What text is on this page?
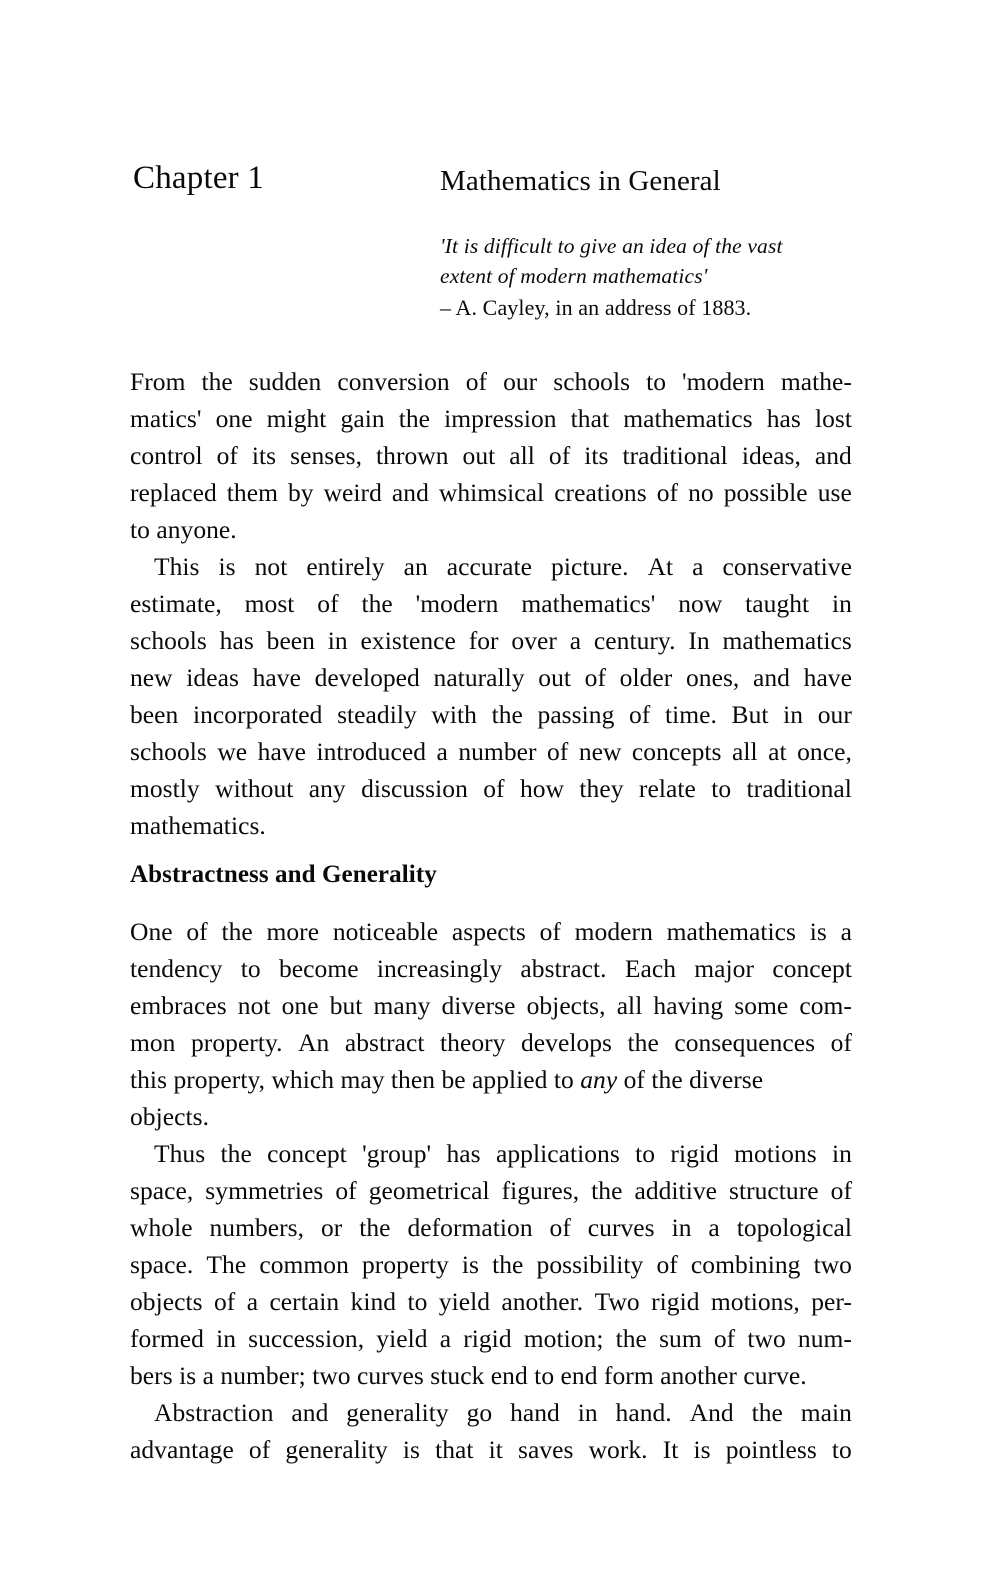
Chapter 1	Mathematics in General
'It is difficult to give an idea of the vast
extent of modern mathematics'
– A. Cayley, in an address of 1883.
From the sudden conversion of our schools to 'modern mathe-
matics' one might gain the impression that mathematics has lost
control of its senses, thrown out all of its traditional ideas, and
replaced them by weird and whimsical creations of no possible use
to anyone.
This is not entirely an accurate picture. At a conservative
estimate, most of the 'modern mathematics' now taught in
schools has been in existence for over a century. In mathematics
new ideas have developed naturally out of older ones, and have
been incorporated steadily with the passing of time. But in our
schools we have introduced a number of new concepts all at once,
mostly without any discussion of how they relate to traditional
mathematics.
Abstractness and Generality
One of the more noticeable aspects of modern mathematics is a
tendency to become increasingly abstract. Each major concept
embraces not one but many diverse objects, all having some com-
mon property. An abstract theory develops the consequences of
this property, which may then be applied to any of the diverse
objects.
Thus the concept 'group' has applications to rigid motions in
space, symmetries of geometrical figures, the additive structure of
whole numbers, or the deformation of curves in a topological
space. The common property is the possibility of combining two
objects of a certain kind to yield another. Two rigid motions, per-
formed in succession, yield a rigid motion; the sum of two num-
bers is a number; two curves stuck end to end form another curve.
Abstraction and generality go hand in hand. And the main
advantage of generality is that it saves work. It is pointless to
